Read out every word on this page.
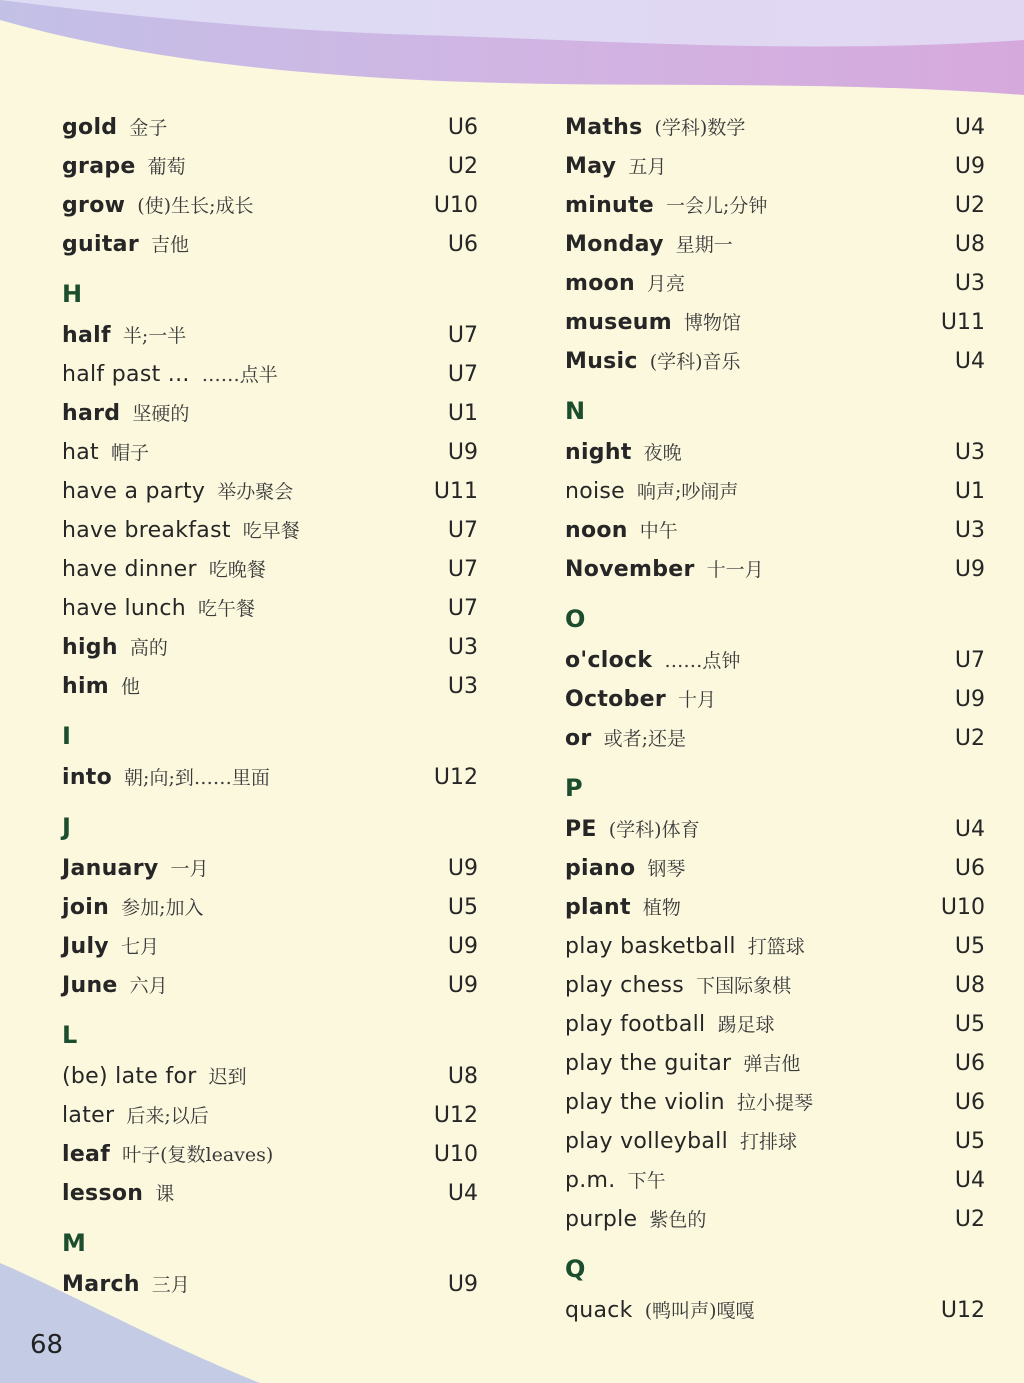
gold 金子	U6
grape 葡萄	U2
grow (使)生长;成长	U10
guitar 吉他	U6
H
half 半;一半	U7
half past ... ……点半	U7
hard 坚硬的	U1
hat 帽子	U9
have a party 举办聚会	U11
have breakfast 吃早餐	U7
have dinner 吃晚餐	U7
have lunch 吃午餐	U7
high 高的	U3
him 他	U3
I
into 朝;向;到……里面	U12
J
January 一月	U9
join 参加;加入	U5
July 七月	U9
June 六月	U9
L
(be) late for 迟到	U8
later 后来;以后	U12
leaf 叶子(复数leaves)	U10
lesson 课	U4
M
March 三月	U9
Maths (学科)数学	U4
May 五月	U9
minute 一会儿;分钟	U2
Monday 星期一	U8
moon 月亮	U3
museum 博物馆	U11
Music (学科)音乐	U4
N
night 夜晚	U3
noise 响声;吵闹声	U1
noon 中午	U3
November 十一月	U9
O
o'clock ……点钟	U7
October 十月	U9
or 或者;还是	U2
P
PE (学科)体育	U4
piano 钢琴	U6
plant 植物	U10
play basketball 打篮球	U5
play chess 下国际象棋	U8
play football 踢足球	U5
play the guitar 弹吉他	U6
play the violin 拉小提琴	U6
play volleyball 打排球	U5
p.m. 下午	U4
purple 紫色的	U2
Q
quack (鸭叫声)嘎嘎	U12
68
